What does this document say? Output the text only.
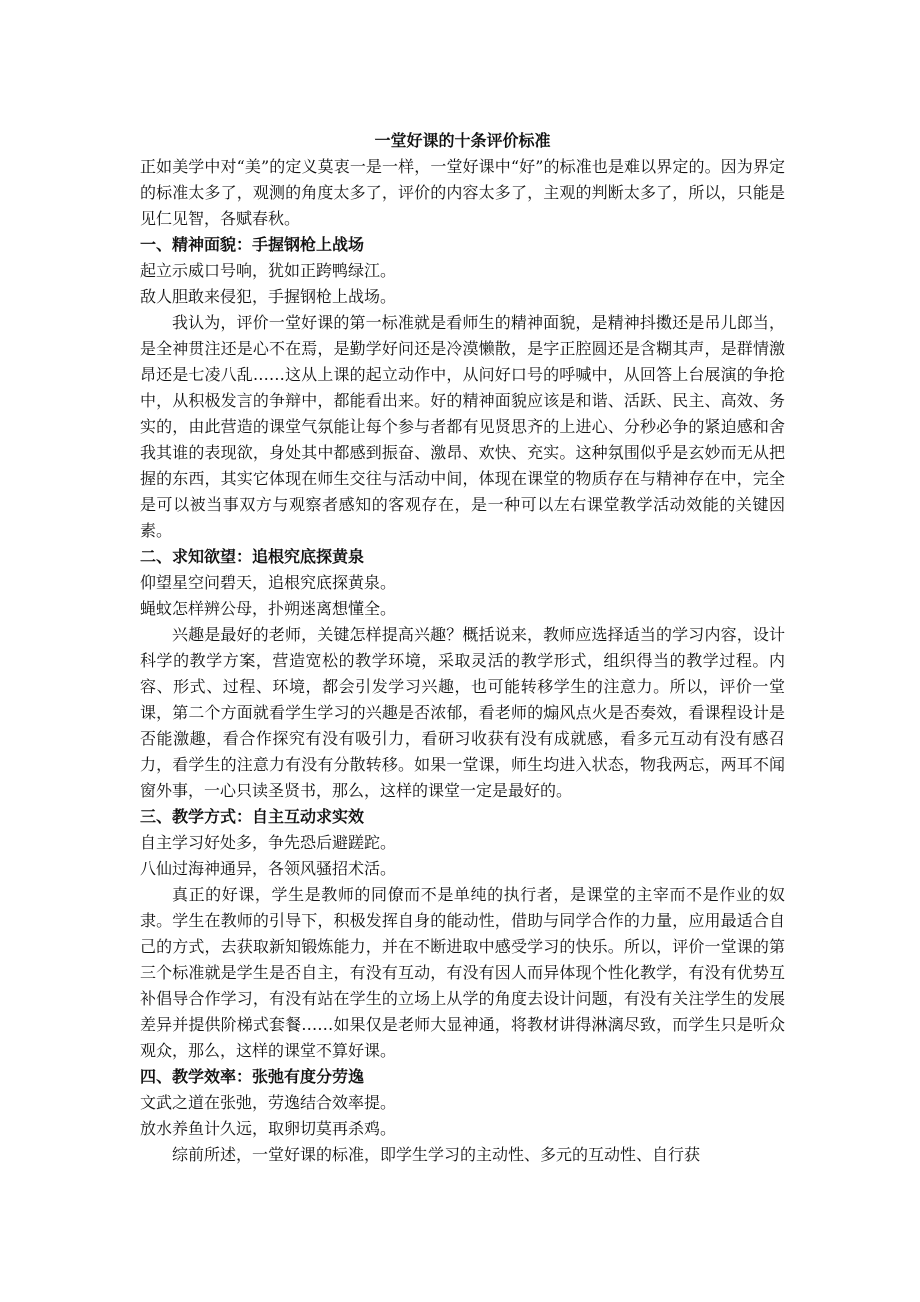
一堂好课的十条评价标准
正如美学中对“美”的定义莫衷一是一样，一堂好课中“好”的标准也是难以界定的。因为界定的标准太多了，观测的角度太多了，评价的内容太多了，主观的判断太多了，所以，只能是见仁见智，各赋春秋。
一、精神面貌：手握钢枪上战场
起立示威口号响，犹如正跨鸭绿江。
敌人胆敢来侵犯，手握钢枪上战场。
我认为，评价一堂好课的第一标准就是看师生的精神面貌，是精神抖擞还是吊儿郎当，是全神贯注还是心不在焉，是勤学好问还是冷漠懒散，是字正腔圆还是含糊其声，是群情激昂还是七凌八乱……这从上课的起立动作中，从问好口号的呼喊中，从回答上台展演的争抢中，从积极发言的争辩中，都能看出来。好的精神面貌应该是和谐、活跃、民主、高效、务实的，由此营造的课堂气氛能让每个参与者都有见贤思齐的上进心、分秒必争的紧迫感和舍我其谁的表现欲，身处其中都感到振奋、激昂、欢快、充实。这种氛围似乎是玄妙而无从把握的东西，其实它体现在师生交往与活动中间，体现在课堂的物质存在与精神存在中，完全是可以被当事双方与观察者感知的客观存在，是一种可以左右课堂教学活动效能的关键因素。
二、求知欲望：追根究底探黄泉
仰望星空问碧天，追根究底探黄泉。
蝇蚊怎样辨公母，扑朔迷离想懂全。
兴趣是最好的老师，关键怎样提高兴趣？概括说来，教师应选择适当的学习内容，设计科学的教学方案，营造宽松的教学环境，采取灵活的教学形式，组织得当的教学过程。内容、形式、过程、环境，都会引发学习兴趣，也可能转移学生的注意力。所以，评价一堂课，第二个方面就看学生学习的兴趣是否浓郁，看老师的煽风点火是否奏效，看课程设计是否能激趣，看合作探究有没有吸引力，看研习收获有没有成就感，看多元互动有没有感召力，看学生的注意力有没有分散转移。如果一堂课，师生均进入状态，物我两忘，两耳不闻窗外事，一心只读圣贤书，那么，这样的课堂一定是最好的。
三、教学方式：自主互动求实效
自主学习好处多，争先恐后避蹉跎。
八仙过海神通异，各领风骚招术活。
真正的好课，学生是教师的同僚而不是单纯的执行者，是课堂的主宰而不是作业的奴隶。学生在教师的引导下，积极发挥自身的能动性，借助与同学合作的力量，应用最适合自己的方式，去获取新知锻炼能力，并在不断进取中感受学习的快乐。所以，评价一堂课的第三个标准就是学生是否自主，有没有互动，有没有因人而异体现个性化教学，有没有优势互补倡导合作学习，有没有站在学生的立场上从学的角度去设计问题，有没有关注学生的发展差异并提供阶梯式套餐……如果仅是老师大显神通，将教材讲得淋漓尽致，而学生只是听众观众，那么，这样的课堂不算好课。
四、教学效率：张弛有度分劳逸
文武之道在张弛，劳逸结合效率提。
放水养鱼计久远，取卵切莫再杀鸡。
综前所述，一堂好课的标准，即学生学习的主动性、多元的互动性、自行获
